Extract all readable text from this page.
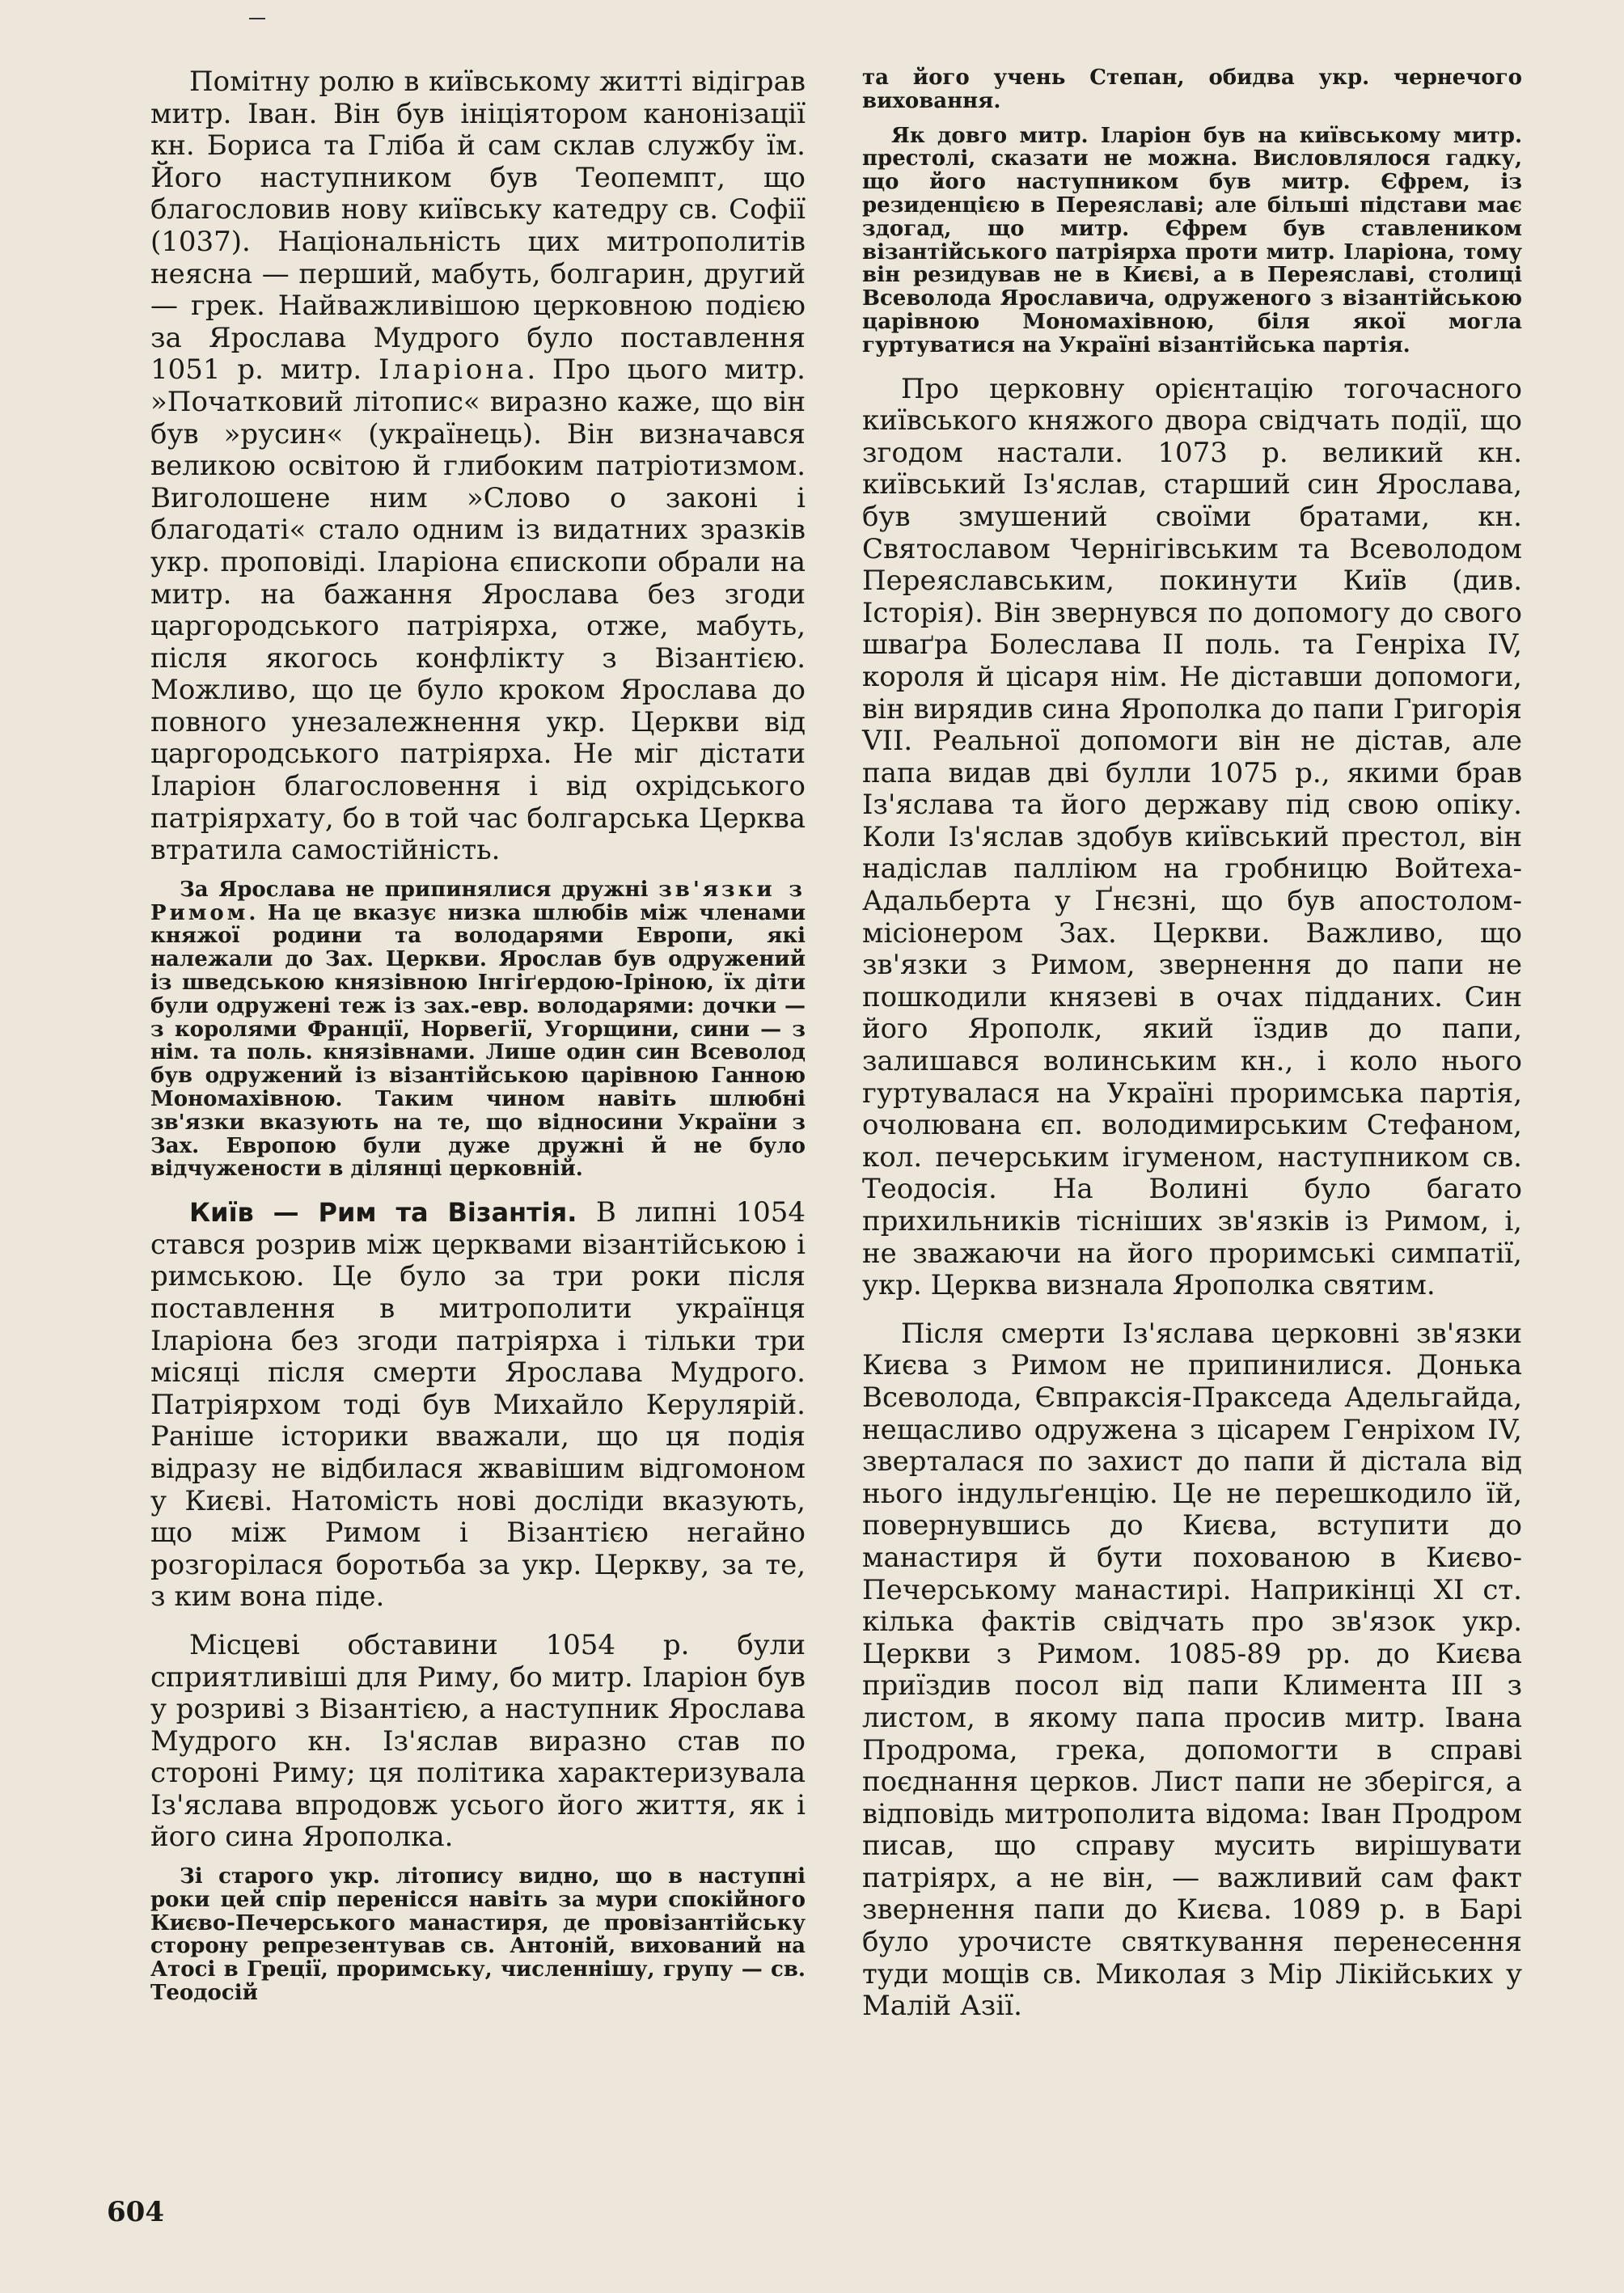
Помітну ролю в київському житті відіграв митр. Іван. Він був ініціятором канонізації кн. Бориса та Гліба й сам склав службу їм. Його наступником був Теопемпт, що благословив нову київську катедру св. Софії (1037). Національність цих митрополитів неясна — перший, мабуть, болгарин, другий — грек. Найважливішою церковною подією за Ярослава Мудрого було поставлення 1051 р. митр. Іларіона. Про цього митр. »Початковий літопис« виразно каже, що він був »русин« (українець). Він визначався великою освітою й глибоким патріотизмом. Виголошене ним »Слово о законі і благодаті« стало одним із видатних зразків укр. проповіді. Іларіона єпископи обрали на митр. на бажання Ярослава без згоди царгородського патріярха, отже, мабуть, після якогось конфлікту з Візантією. Можливо, що це було кроком Ярослава до повного унезалежнення укр. Церкви від царгородського патріярха. Не міг дістати Іларіон благословення і від охрідського патріярхату, бо в той час болгарська Церква втратила самостійність.

За Ярослава не припинялися дружні зв'язки з Римом. На це вказує низка шлюбів між членами княжої родини та володарями Европи, які належали до Зах. Церкви. Ярослав був одружений із шведською князівною Інгіґердою-Іріною, їх діти були одружені теж із зах.-евр. володарями: дочки — з королями Франції, Норвегії, Угорщини, сини — з нім. та поль. князівнами. Лише один син Всеволод був одружений із візантійською царівною Ганною Мономахівною. Таким чином навіть шлюбні зв'язки вказують на те, що відносини України з Зах. Европою були дуже дружні й не було відчужености в ділянці церковній.

Київ — Рим та Візантія. В липні 1054 стався розрив між церквами візантійською і римською. Це було за три роки після поставлення в митрополити українця Іларіона без згоди патріярха і тільки три місяці після смерти Ярослава Мудрого. Патріярхом тоді був Михайло Керулярій. Раніше історики вважали, що ця подія відразу не відбилася жвавішим відгомоном у Києві. Натомість нові досліди вказують, що між Римом і Візантією негайно розгорілася боротьба за укр. Церкву, за те, з ким вона піде.

Місцеві обставини 1054 р. були сприятливіші для Риму, бо митр. Іларіон був у розриві з Візантією, а наступник Ярослава Мудрого кн. Із'яслав виразно став по стороні Риму; ця політика характеризувала Із'яслава впродовж усього його життя, як і його сина Ярополка.

Зі старого укр. літопису видно, що в наступні роки цей спір перенісся навіть за мури спокійного Києво-Печерського манастиря, де провізантійську сторону репрезентував св. Антоній, вихований на Атосі в Греції, проримську, численнішу, групу — св. Теодосій

та його учень Степан, обидва укр. чернечого виховання.

Як довго митр. Іларіон був на київському митр. престолі, сказати не можна. Висловлялося гадку, що його наступником був митр. Єфрем, із резиденцією в Переяславі; але більші підстави має здогад, що митр. Єфрем був ставлеником візантійського патріярха проти митр. Іларіона, тому він резидував не в Києві, а в Переяславі, столиці Всеволода Ярославича, одруженого з візантійською царівною Мономахівною, біля якої могла гуртуватися на Україні візантійська партія.

Про церковну орієнтацію тогочасного київського княжого двора свідчать події, що згодом настали. 1073 р. великий кн. київський Із'яслав, старший син Ярослава, був змушений своїми братами, кн. Святославом Чернігівським та Всеволодом Переяславським, покинути Київ (див. Історія). Він звернувся по допомогу до свого шваґра Болеслава II поль. та Генріха IV, короля й цісаря нім. Не діставши допомоги, він вирядив сина Ярополка до папи Григорія VII. Реальної допомоги він не дістав, але папа видав дві булли 1075 р., якими брав Із'яслава та його державу під свою опіку. Коли Із'яслав здобув київський престол, він надіслав палліюм на гробницю Войтеха-Адальберта у Ґнєзні, що був апостолом-місіонером Зах. Церкви. Важливо, що зв'язки з Римом, звернення до папи не пошкодили князеві в очах підданих. Син його Ярополк, який їздив до папи, залишався волинським кн., і коло нього гуртувалася на Україні проримська партія, очолювана єп. володимирським Стефаном, кол. печерським ігуменом, наступником св. Теодосія. На Волині було багато прихильників тісніших зв'язків із Римом, і, не зважаючи на його проримські симпатії, укр. Церква визнала Ярополка святим.

Після смерти Із'яслава церковні зв'язки Києва з Римом не припинилися. Донька Всеволода, Євпраксія-Пракседа Адельгайда, нещасливо одружена з цісарем Генріхом IV, зверталася по захист до папи й дістала від нього індульґенцію. Це не перешкодило їй, повернувшись до Києва, вступити до манастиря й бути похованою в Києво-Печерському манастирі. Наприкінці XI ст. кілька фактів свідчать про зв'язок укр. Церкви з Римом. 1085-89 рр. до Києва приїздив посол від папи Климента III з листом, в якому папа просив митр. Івана Продрома, грека, допомогти в справі поєднання церков. Лист папи не зберігся, а відповідь митрополита відома: Іван Продром писав, що справу мусить вирішувати патріярх, а не він, — важливий сам факт звернення папи до Києва. 1089 р. в Барі було урочисте святкування перенесення туди мощів св. Миколая з Мір Лікійських у Малій Азії.

604
